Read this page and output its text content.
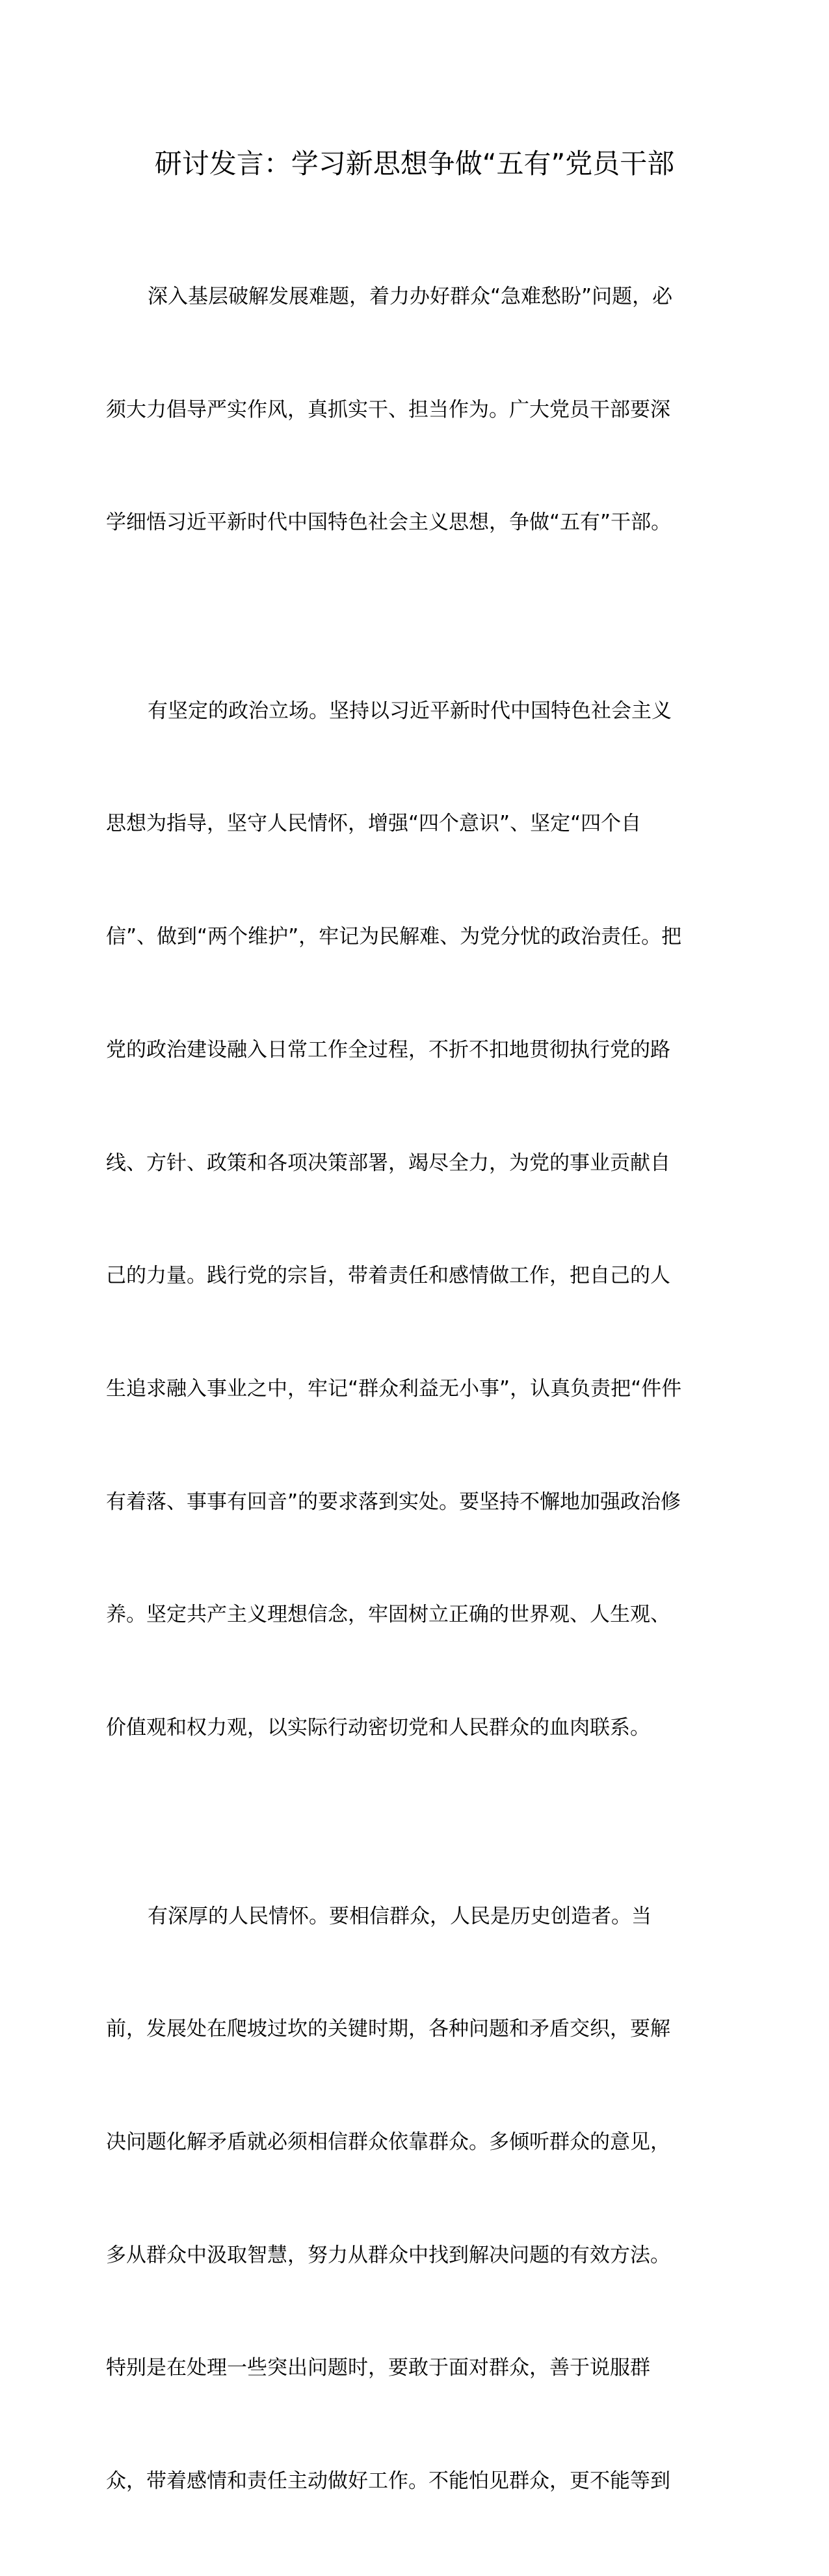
研讨发言：学习新思想争做“五有”党员干部

深入基层破解发展难题，着力办好群众“急难愁盼”问题，必

须大力倡导严实作风，真抓实干、担当作为。广大党员干部要深

学细悟习近平新时代中国特色社会主义思想，争做“五有”干部。

有坚定的政治立场。坚持以习近平新时代中国特色社会主义

思想为指导，坚守人民情怀，增强“四个意识”、坚定“四个自

信”、做到“两个维护”，牢记为民解难、为党分忧的政治责任。把

党的政治建设融入日常工作全过程，不折不扣地贯彻执行党的路

线、方针、政策和各项决策部署，竭尽全力，为党的事业贡献自

己的力量。践行党的宗旨，带着责任和感情做工作，把自己的人

生追求融入事业之中，牢记“群众利益无小事”，认真负责把“件件

有着落、事事有回音”的要求落到实处。要坚持不懈地加强政治修

养。坚定共产主义理想信念，牢固树立正确的世界观、人生观、

价值观和权力观，以实际行动密切党和人民群众的血肉联系。

有深厚的人民情怀。要相信群众，人民是历史创造者。当

前，发展处在爬坡过坎的关键时期，各种问题和矛盾交织，要解

决问题化解矛盾就必须相信群众依靠群众。多倾听群众的意见，

多从群众中汲取智慧，努力从群众中找到解决问题的有效方法。

特别是在处理一些突出问题时，要敢于面对群众，善于说服群

众，带着感情和责任主动做好工作。不能怕见群众，更不能等到
